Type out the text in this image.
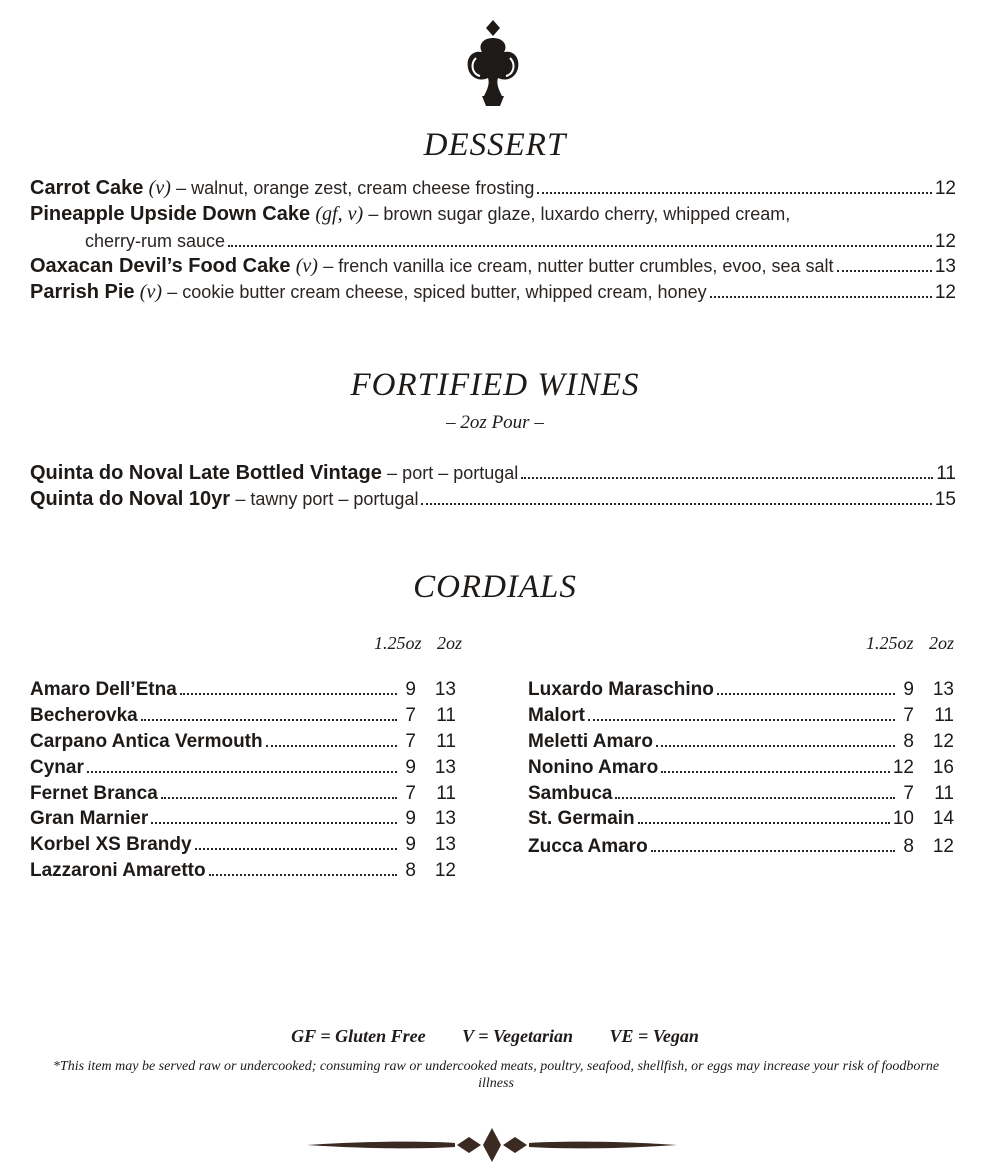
DESSERT
Carrot Cake
(v)
– walnut, orange zest, cream cheese frosting	12
Pineapple Upside Down Cake
(gf, v)
– brown sugar glaze, luxardo cherry, whipped cream,
cherry-rum sauce	12
Oaxacan Devil’s Food Cake
(v)
– french vanilla ice cream, nutter butter crumbles, evoo, sea salt	13
Parrish Pie
(v)
– cookie butter cream cheese, spiced butter, whipped cream, honey	12
FORTIFIED WINES
– 2oz Pour –
Quinta do Noval Late Bottled Vintage
– port – portugal	11
Quinta do Noval 10yr
– tawny port – portugal	15
CORDIALS
1.25oz 2oz	1.25oz 2oz
Amaro Dell’Etna	9 13
Becherovka	7	11
Carpano Antica Vermouth	7	11
Cynar	9 13
Fernet Branca	7	11
Gran Marnier	9 13
Korbel XS Brandy	9 13
Lazzaroni Amaretto	8 12
Luxardo Maraschino	9 13
Malort	7	11
Meletti Amaro	8 12
Nonino Amaro	12 16
Sambuca	7	11
St. Germain	10 14
Zucca Amaro	8 12
GF = Gluten Free V = Vegetarian VE = Vegan
*This item may be served raw or undercooked; consuming raw or undercooked meats, poultry, seafood, shellfish, or eggs may increase your risk of foodborne illness
